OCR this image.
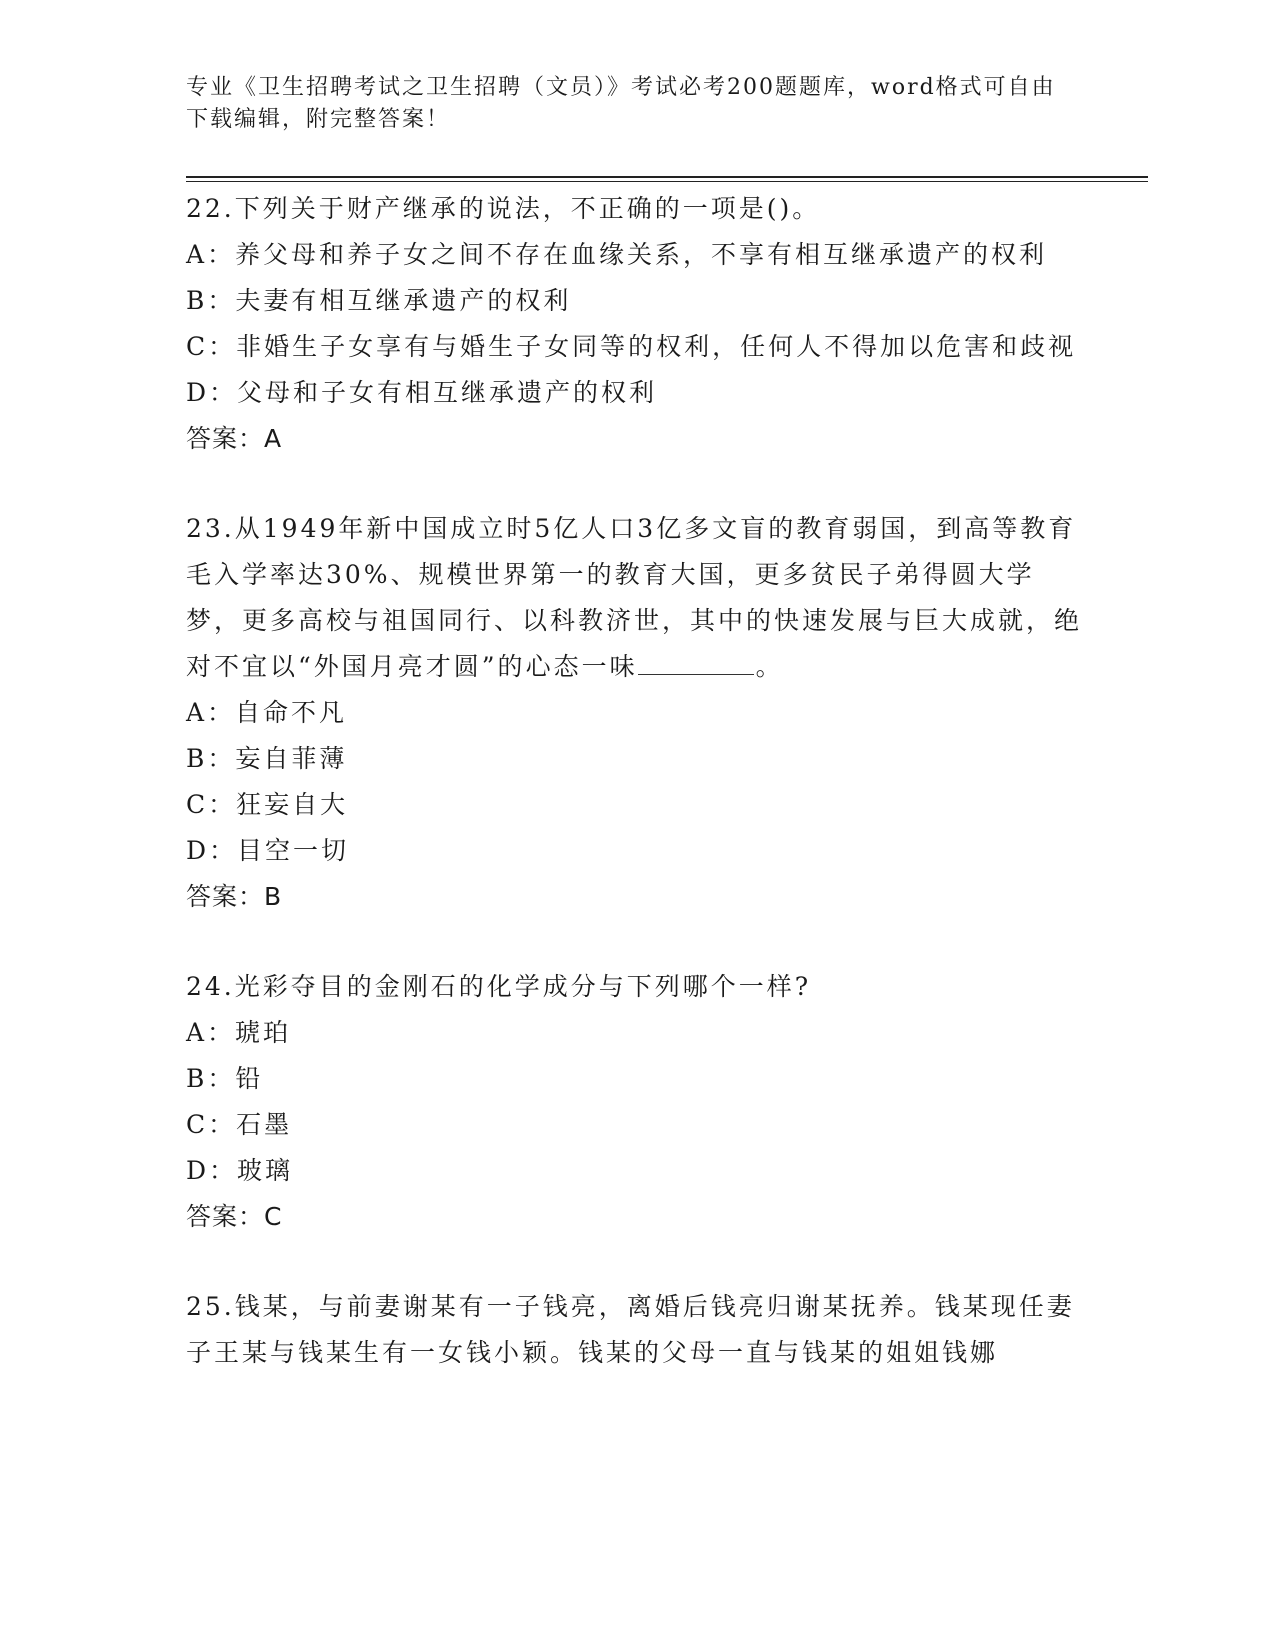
专业《卫生招聘考试之卫生招聘（文员）》考试必考200题题库，word格式可自由下载编辑，附完整答案！

22.下列关于财产继承的说法，不正确的一项是()。

A：养父母和养子女之间不存在血缘关系，不享有相互继承遗产的权利

B：夫妻有相互继承遗产的权利

C：非婚生子女享有与婚生子女同等的权利，任何人不得加以危害和歧视

D：父母和子女有相互继承遗产的权利

答案：A

23.从1949年新中国成立时5亿人口3亿多文盲的教育弱国，到高等教育毛入学率达30%、规模世界第一的教育大国，更多贫民子弟得圆大学梦，更多高校与祖国同行、以科教济世，其中的快速发展与巨大成就，绝对不宜以“外国月亮才圆”的心态一味	。

A：自命不凡

B：妄自菲薄

C：狂妄自大

D：目空一切

答案：B

24.光彩夺目的金刚石的化学成分与下列哪个一样?

A：琥珀

B：铅

C：石墨

D：玻璃

答案：C

25.钱某，与前妻谢某有一子钱亮，离婚后钱亮归谢某抚养。钱某现任妻子王某与钱某生有一女钱小颖。钱某的父母一直与钱某的姐姐钱娜
